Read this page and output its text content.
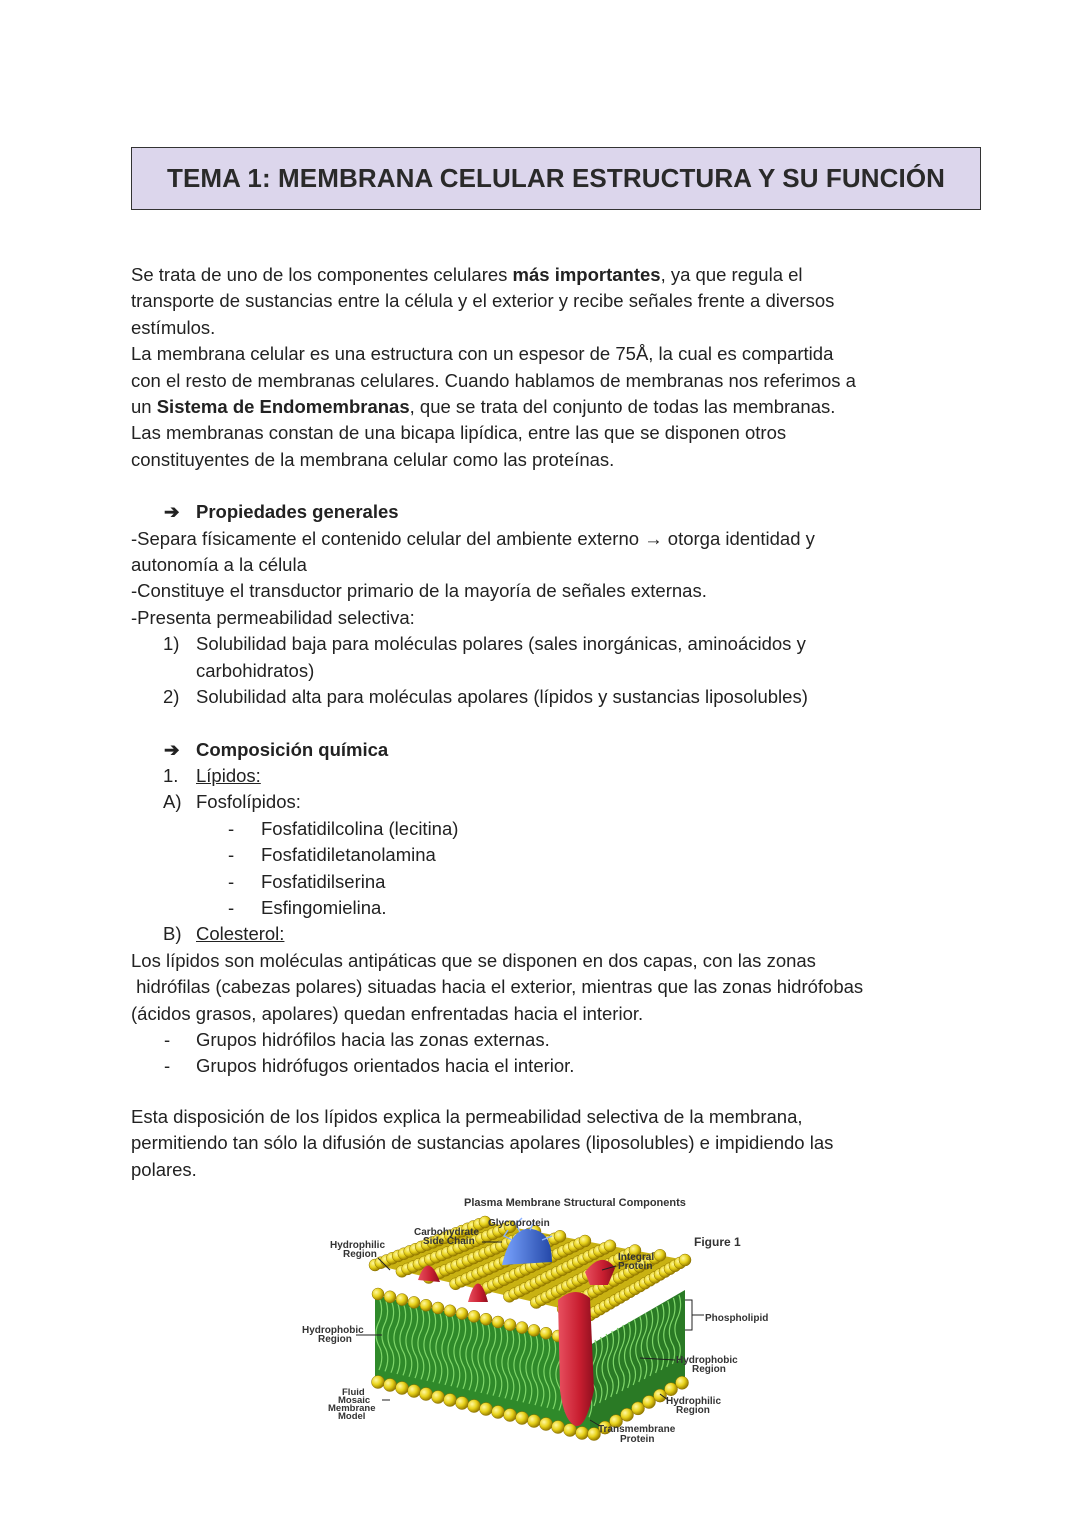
TEMA 1: MEMBRANA CELULAR ESTRUCTURA Y SU FUNCIÓN

Se trata de uno de los componentes celulares más importantes, ya que regula el

transporte de sustancias entre la célula y el exterior y recibe señales frente a diversos

estímulos.

La membrana celular es una estructura con un espesor de 75Å, la cual es compartida

con el resto de membranas celulares. Cuando hablamos de membranas nos referimos a

un Sistema de Endomembranas, que se trata del conjunto de todas las membranas.

Las membranas constan de una bicapa lipídica, entre las que se disponen otros

constituyentes de la membrana celular como las proteínas.

➔ Propiedades generales

-Separa físicamente el contenido celular del ambiente externo → otorga identidad y

autonomía a la célula

-Constituye el transductor primario de la mayoría de señales externas.

-Presenta permeabilidad selectiva:

1) Solubilidad baja para moléculas polares (sales inorgánicas, aminoácidos y
carbohidratos)
2) Solubilidad alta para moléculas apolares (lípidos y sustancias liposolubles)

➔ Composición química

1. Lípidos:
A) Fosfolípidos:
-	Fosfatidilcolina (lecitina)
-	Fosfatidiletanolamina
-	Fosfatidilserina
-	Esfingomielina.
B) Colesterol:

Los lípidos son moléculas antipáticas que se disponen en dos capas, con las zonas

hidrófilas (cabezas polares) situadas hacia el exterior, mientras que las zonas hidrófobas

(ácidos grasos, apolares) quedan enfrentadas hacia el interior.

-	Grupos hidrófilos hacia las zonas externas.
-	Grupos hidrófugos orientados hacia el interior.

Esta disposición de los lípidos explica la permeabilidad selectiva de la membrana,

permitiendo tan sólo la difusión de sustancias apolares (liposolubles) e impidiendo las

polares.

Plasma Membrane Structural Components
Glycoprotein
Carbohydrate
Side Chain
Hydrophilic
Region	Integral
Protein
Figure 1
Phospholipid
Hydrophobic
Region
Hydrophobic
Region
Hydrophilic
Region
Fluid
Mosaic
Membrane
Model
Transmembrane
Protein
